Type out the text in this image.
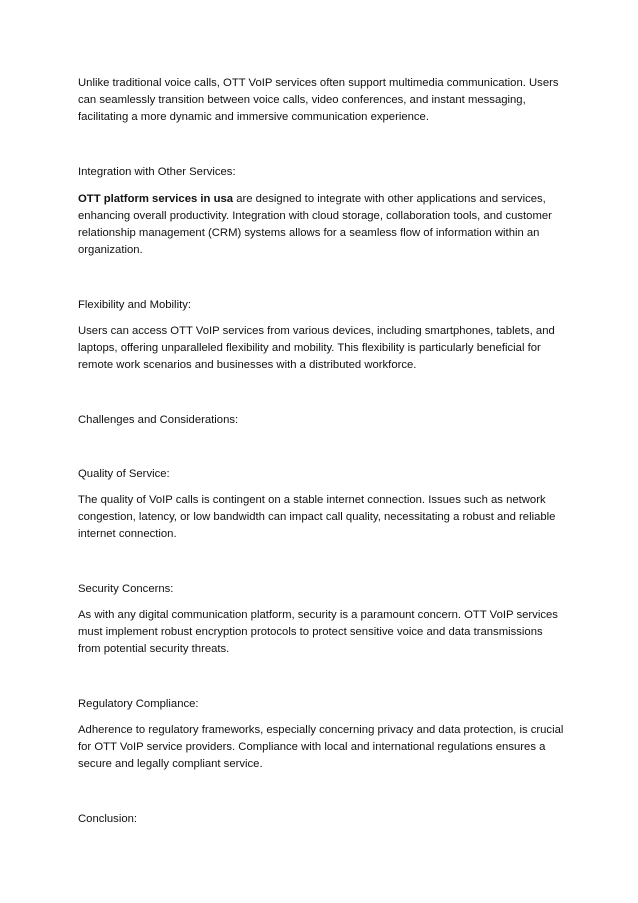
Unlike traditional voice calls, OTT VoIP services often support multimedia communication. Users can seamlessly transition between voice calls, video conferences, and instant messaging, facilitating a more dynamic and immersive communication experience.

Integration with Other Services:

OTT platform services in usa are designed to integrate with other applications and services, enhancing overall productivity. Integration with cloud storage, collaboration tools, and customer relationship management (CRM) systems allows for a seamless flow of information within an organization.

Flexibility and Mobility:

Users can access OTT VoIP services from various devices, including smartphones, tablets, and laptops, offering unparalleled flexibility and mobility. This flexibility is particularly beneficial for remote work scenarios and businesses with a distributed workforce.

Challenges and Considerations:

Quality of Service:

The quality of VoIP calls is contingent on a stable internet connection. Issues such as network congestion, latency, or low bandwidth can impact call quality, necessitating a robust and reliable internet connection.

Security Concerns:

As with any digital communication platform, security is a paramount concern. OTT VoIP services must implement robust encryption protocols to protect sensitive voice and data transmissions from potential security threats.

Regulatory Compliance:

Adherence to regulatory frameworks, especially concerning privacy and data protection, is crucial for OTT VoIP service providers. Compliance with local and international regulations ensures a secure and legally compliant service.

Conclusion:
